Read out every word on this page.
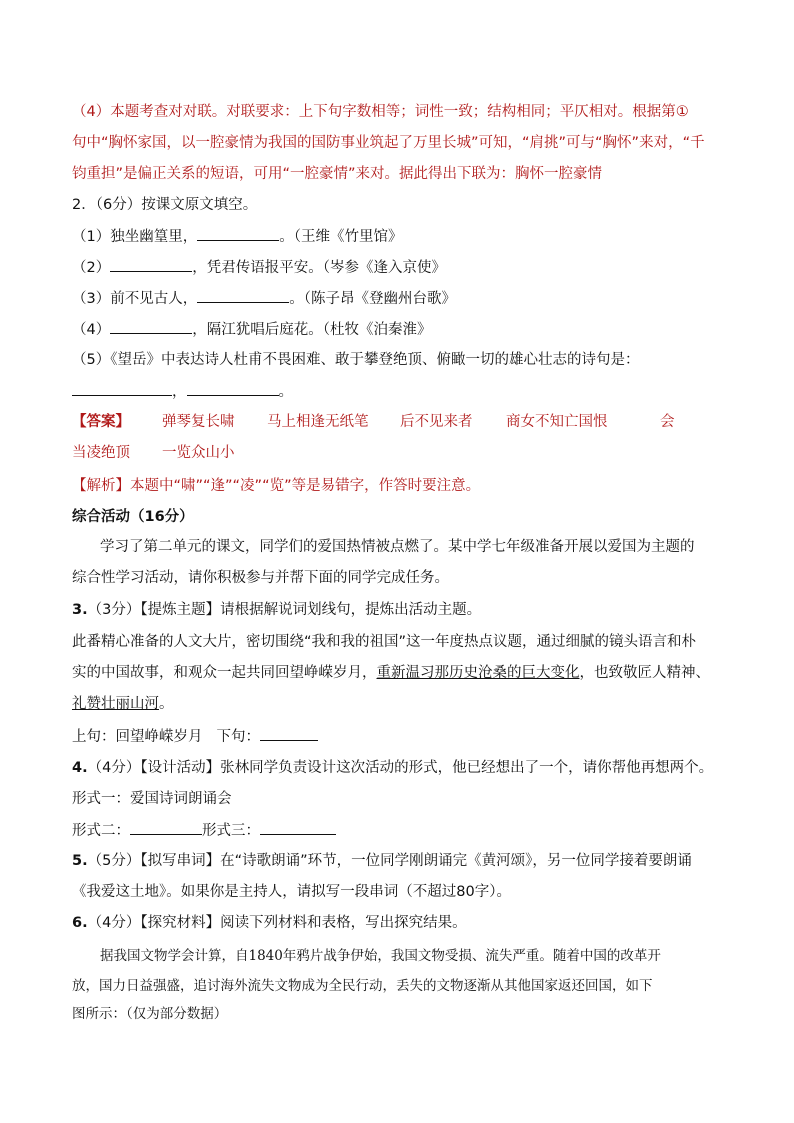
（4）本题考查对对联。对联要求：上下句字数相等；词性一致；结构相同；平仄相对。根据第①
句中“胸怀家国，以一腔豪情为我国的国防事业筑起了万里长城”可知，“肩挑”可与“胸怀”来对，“千
钧重担”是偏正关系的短语，可用“一腔豪情”来对。据此得出下联为：胸怀一腔豪情
2．（6分）按课文原文填空。
（1）独坐幽篁里，	。（王维《竹里馆》
（2）	，凭君传语报平安。（岑参《逢入京使》
（3）前不见古人，	。（陈子昂《登幽州台歌》
（4）	，隔江犹唱后庭花。（杜牧《泊秦淮》
（5）《望岳》中表达诗人杜甫不畏困难、敢于攀登绝顶、俯瞰一切的雄心壮志的诗句是：
，	。
【答案】 弹琴复长啸 马上相逢无纸笔 后不见来者 商女不知亡国恨	会
当凌绝顶 一览众山小
【解析】本题中“啸”“逢”“凌”“览”等是易错字，作答时要注意。
综合活动（16分）
学习了第二单元的课文，同学们的爱国热情被点燃了。某中学七年级准备开展以爱国为主题的
综合性学习活动，请你积极参与并帮下面的同学完成任务。
3.（3分）【提炼主题】请根据解说词划线句，提炼出活动主题。
此番精心准备的人文大片，密切围绕“我和我的祖国”这一年度热点议题，通过细腻的镜头语言和朴
实的中国故事，和观众一起共同回望峥嵘岁月，重新温习那历史沧桑的巨大变化，也致敬匠人精神、
礼赞壮丽山河。
上句：回望峥嵘岁月 下句：
4.（4分）【设计活动】张林同学负责设计这次活动的形式，他已经想出了一个，请你帮他再想两个。
形式一：爱国诗词朗诵会
形式二：	形式三：
5.（5分）【拟写串词】在“诗歌朗诵”环节，一位同学刚朗诵完《黄河颂》，另一位同学接着要朗诵
《我爱这土地》。如果你是主持人，请拟写一段串词（不超过80字）。
6.（4分）【探究材料】阅读下列材料和表格，写出探究结果。
据我国文物学会计算，自1840年鸦片战争伊始，我国文物受损、流失严重。随着中国的改革开
放，国力日益强盛，追讨海外流失文物成为全民行动，丢失的文物逐渐从其他国家返还回国，如下
图所示：（仅为部分数据）
